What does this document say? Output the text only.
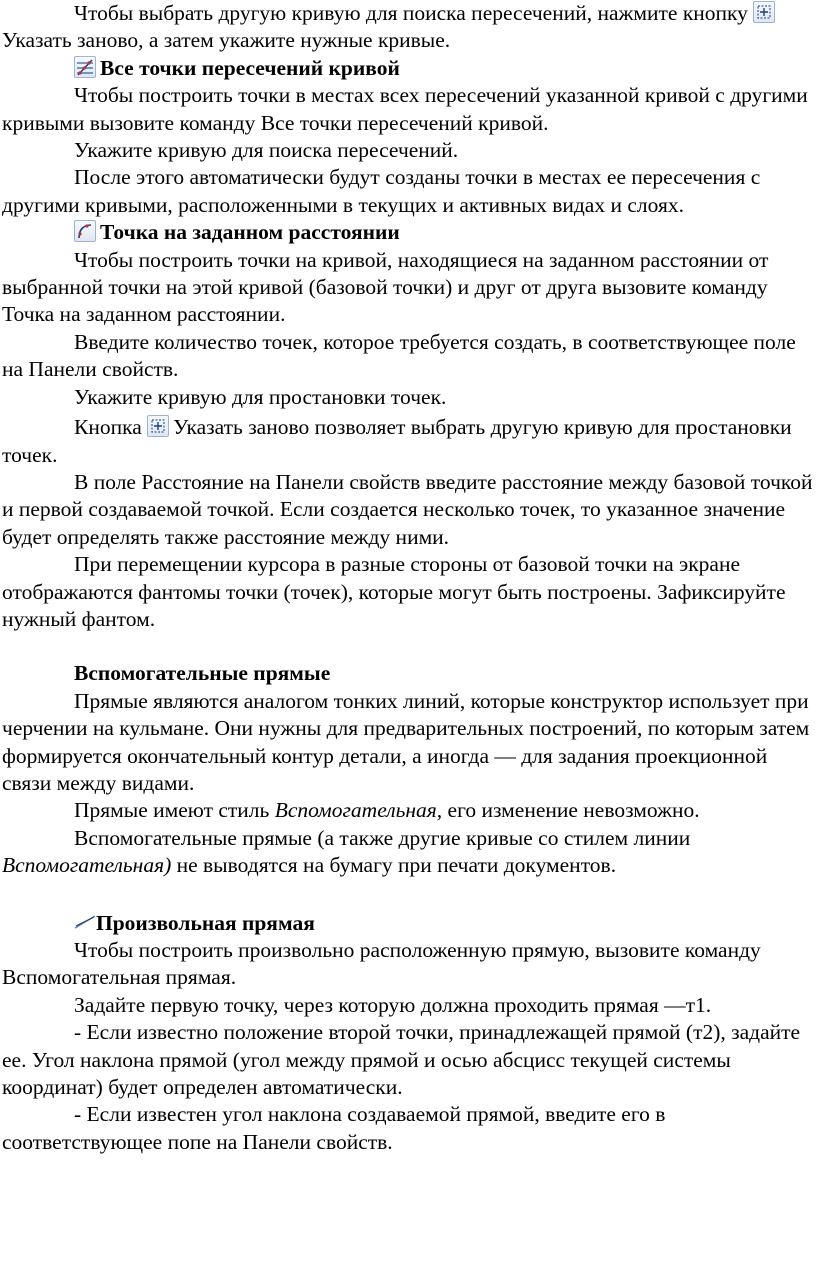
Чтобы выбрать другую кривую для поиска пересечений, нажмите кнопку
Указать заново, а затем укажите нужные кривые.

Все точки пересечений кривой

Чтобы построить точки в местах всех пересечений указанной кривой с другими кривыми вызовите команду Все точки пересечений кривой.

Укажите кривую для поиска пересечений.

После этого автоматически будут созданы точки в местах ее пересечения с другими кривыми, расположенными в текущих и активных видах и слоях.

Точка на заданном расстоянии

Чтобы построить точки на кривой, находящиеся на заданном расстоянии от выбранной точки на этой кривой (базовой точки) и друг от друга вызовите команду Точка на заданном расстоянии.

Введите количество точек, которое требуется создать, в соответствующее поле на Панели свойств.

Укажите кривую для простановки точек.

Кнопка Указать заново позволяет выбрать другую кривую для простановки точек.

В поле Расстояние на Панели свойств введите расстояние между базовой точкой и первой создаваемой точкой. Если создается несколько точек, то указанное значение будет определять также расстояние между ними.

При перемещении курсора в разные стороны от базовой точки на экране отображаются фантомы точки (точек), которые могут быть построены. Зафиксируйте нужный фантом.

Вспомогательные прямые

Прямые являются аналогом тонких линий, которые конструктор использует при черчении на кульмане. Они нужны для предварительных построений, по которым затем формируется окончательный контур детали, а иногда — для задания проекционной связи между видами.

Прямые имеют стиль Вспомогательная, его изменение невозможно.

Вспомогательные прямые (а также другие кривые со стилем линии Вспомогательная) не выводятся на бумагу при печати документов.

Произвольная прямая

Чтобы построить произвольно расположенную прямую, вызовите команду Вспомогательная прямая.

Задайте первую точку, через которую должна проходить прямая —т1.

- Если известно положение второй точки, принадлежащей прямой (т2), задайте ее. Угол наклона прямой (угол между прямой и осью абсцисс текущей системы координат) будет определен автоматически.

- Если известен угол наклона создаваемой прямой, введите его в соответствующее попе на Панели свойств.
